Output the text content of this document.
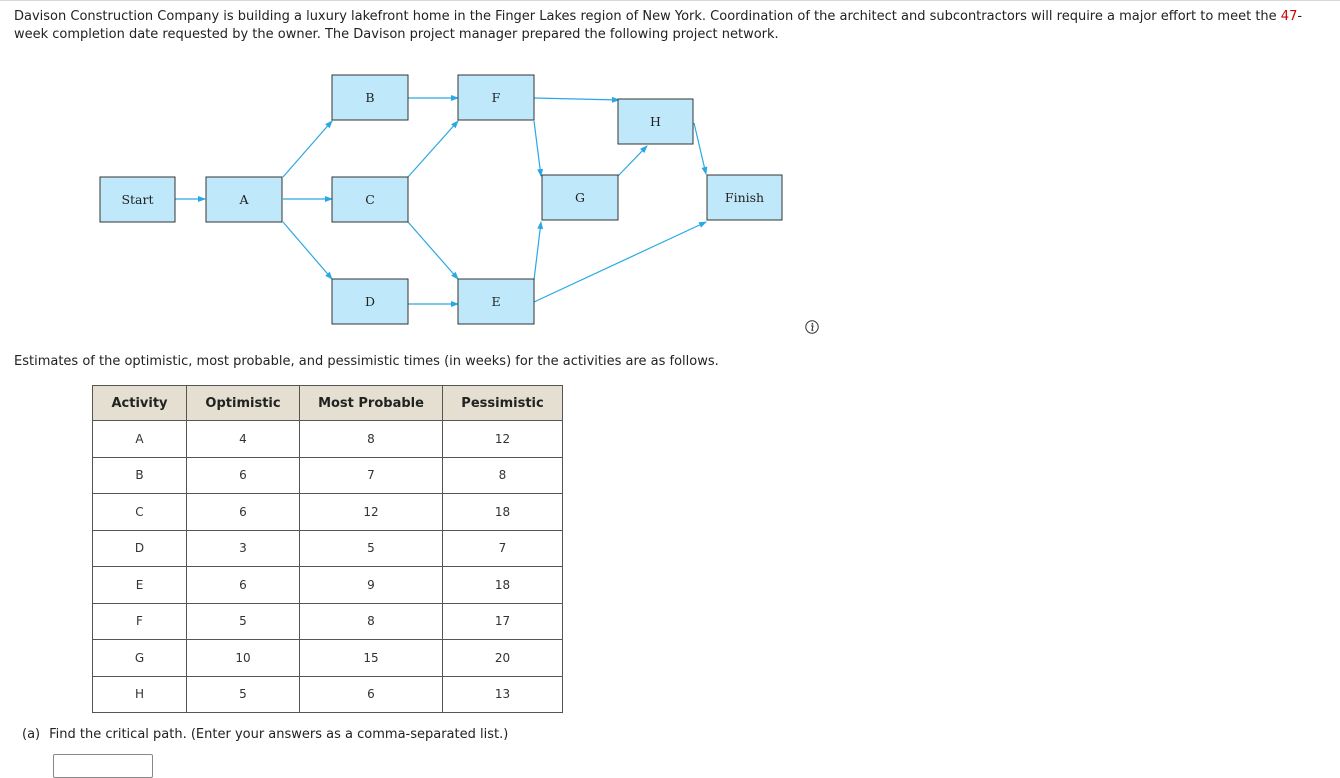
Davison Construction Company is building a luxury lakefront home in the Finger Lakes region of New York. Coordination of the architect and subcontractors will require a major effort to meet the 47-week completion date requested by the owner. The Davison project manager prepared the following project network.

Start	A
B
C
D
F
E
G
H
Finish

Estimates of the optimistic, most probable, and pessimistic times (in weeks) for the activities are as follows.

Activity	Optimistic	Most Probable	Pessimistic
A	4	8	12
B	6	7	8
C	6	12	18
D	3	5	7
E	6	9	18
F	5	8	17
G	10	15	20
H	5	6	13

(a) Find the critical path. (Enter your answers as a comma-separated list.)
